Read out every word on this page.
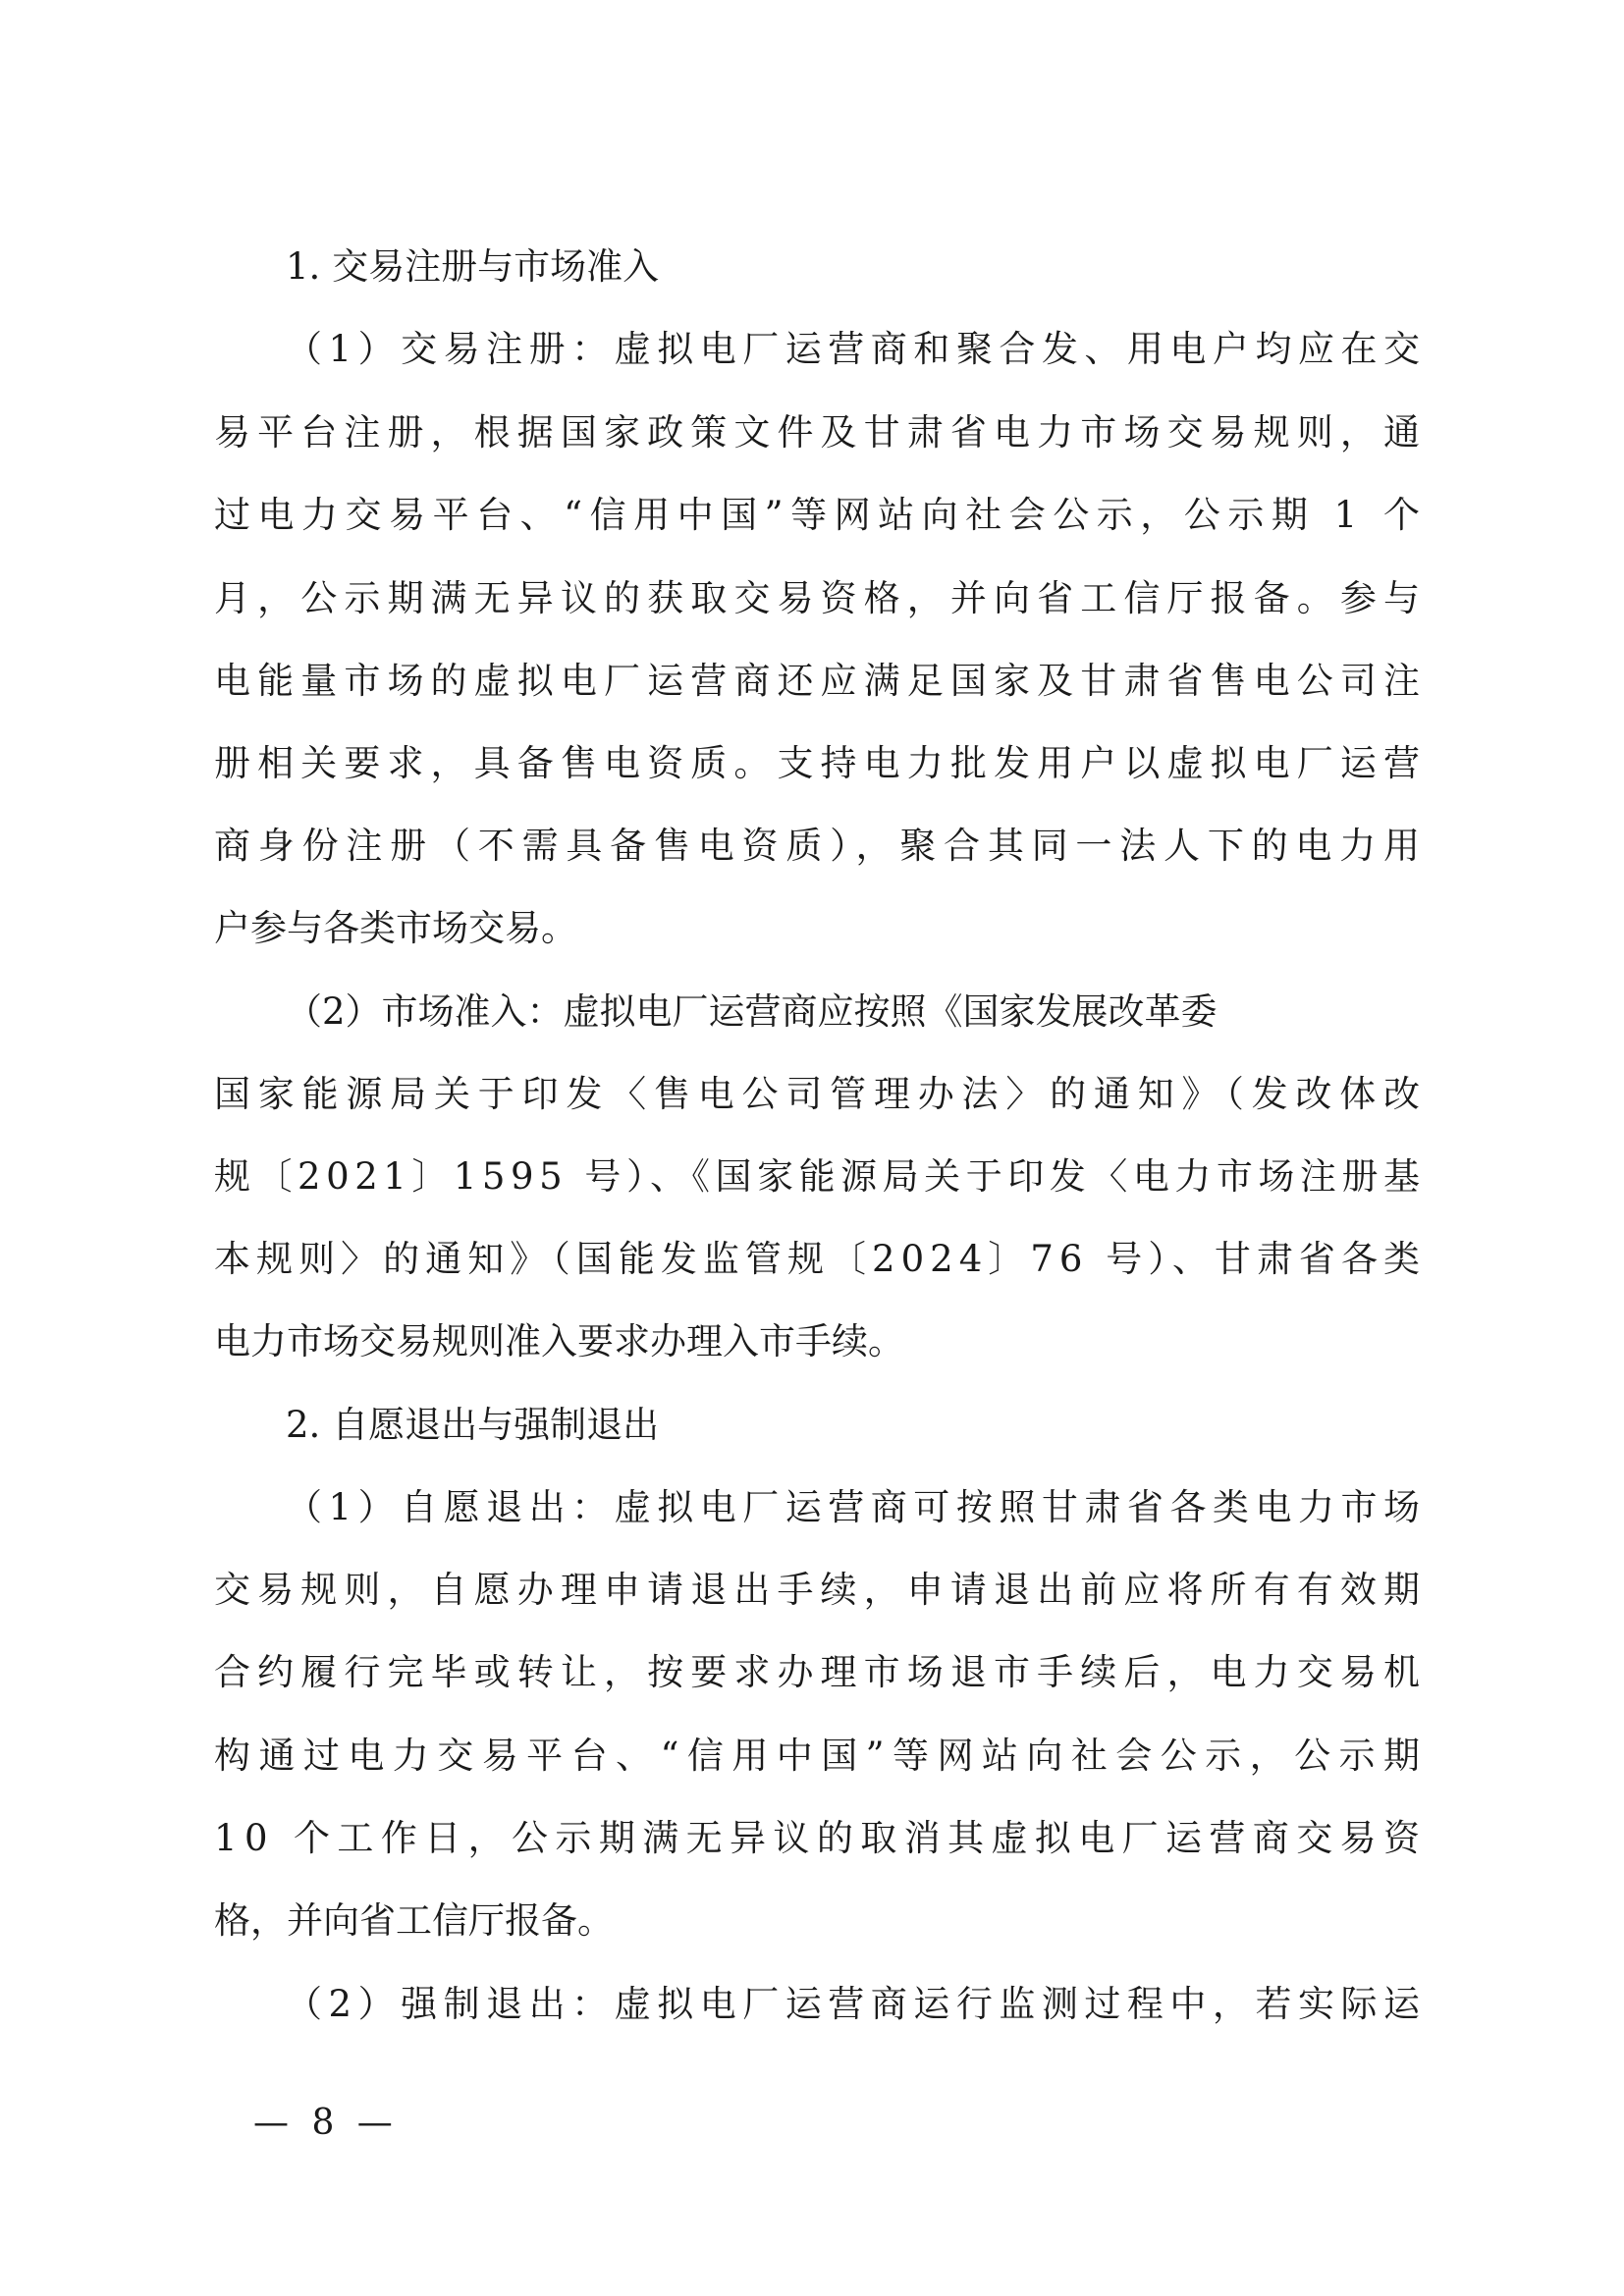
1. 交易注册与市场准入
（1）交易注册：虚拟电厂运营商和聚合发、用电户均应在交
易平台注册，根据国家政策文件及甘肃省电力市场交易规则，通
过电力交易平台、“信用中国”等网站向社会公示，公示期 1 个
月，公示期满无异议的获取交易资格，并向省工信厅报备。参与
电能量市场的虚拟电厂运营商还应满足国家及甘肃省售电公司注
册相关要求，具备售电资质。支持电力批发用户以虚拟电厂运营
商身份注册（不需具备售电资质），聚合其同一法人下的电力用
户参与各类市场交易。
（2）市场准入：虚拟电厂运营商应按照《国家发展改革委
国家能源局关于印发〈售电公司管理办法〉的通知》（发改体改
规〔2021〕1595 号）、《国家能源局关于印发〈电力市场注册基
本规则〉的通知》（国能发监管规〔2024〕76 号）、甘肃省各类
电力市场交易规则准入要求办理入市手续。
2. 自愿退出与强制退出
（1）自愿退出：虚拟电厂运营商可按照甘肃省各类电力市场
交易规则，自愿办理申请退出手续，申请退出前应将所有有效期
合约履行完毕或转让，按要求办理市场退市手续后，电力交易机
构通过电力交易平台、“信用中国”等网站向社会公示，公示期
10 个工作日，公示期满无异议的取消其虚拟电厂运营商交易资
格，并向省工信厅报备。
（2）强制退出：虚拟电厂运营商运行监测过程中，若实际运
— 8 —
